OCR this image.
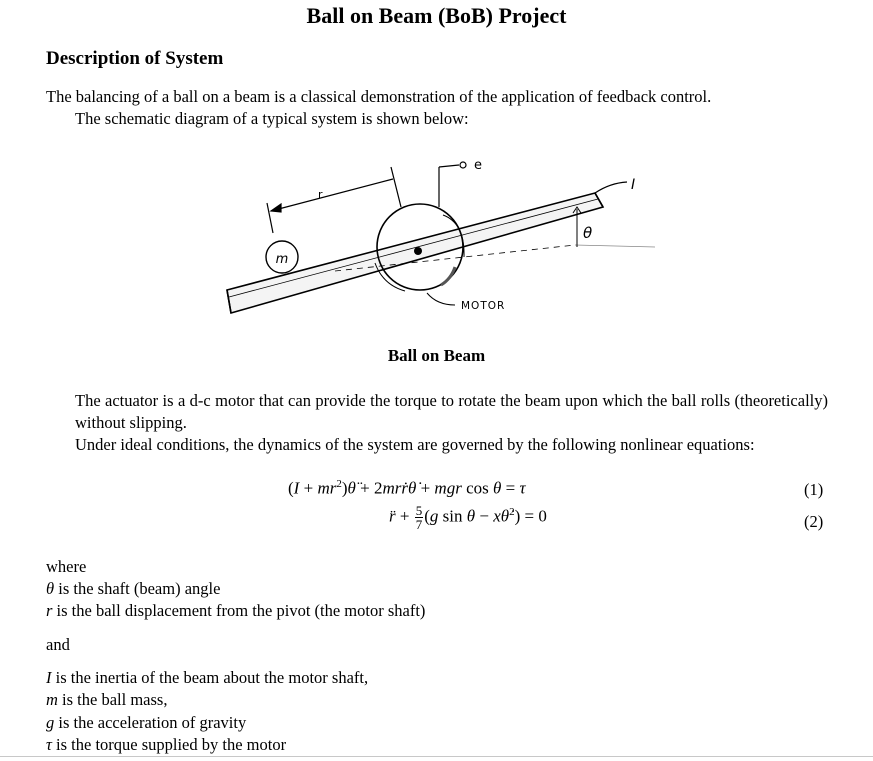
Ball on Beam (BoB) Project
Description of System
The balancing of a ball on a beam is a classical demonstration of the application of feedback control.
The schematic diagram of a typical system is shown below:
m
r
e
I
θ
MOTOR
Ball on Beam
The actuator is a d-c motor that can provide the torque to rotate the beam upon which the ball rolls (theoretically) without slipping.
Under ideal conditions, the dynamics of the system are governed by the following nonlinear equations:
$(I + mr^2)\thetä$ + 2mrṙθ̇ + mgr cos θ = τ	(1)
r̈ + $\frac{5}{7} (g$ sin θ − xθ̇$^2$) = 0	(2)
where
θ is the shaft (beam) angle
r is the ball displacement from the pivot (the motor shaft)
and
I is the inertia of the beam about the motor shaft,
m is the ball mass,
g is the acceleration of gravity
τ is the torque supplied by the motor
